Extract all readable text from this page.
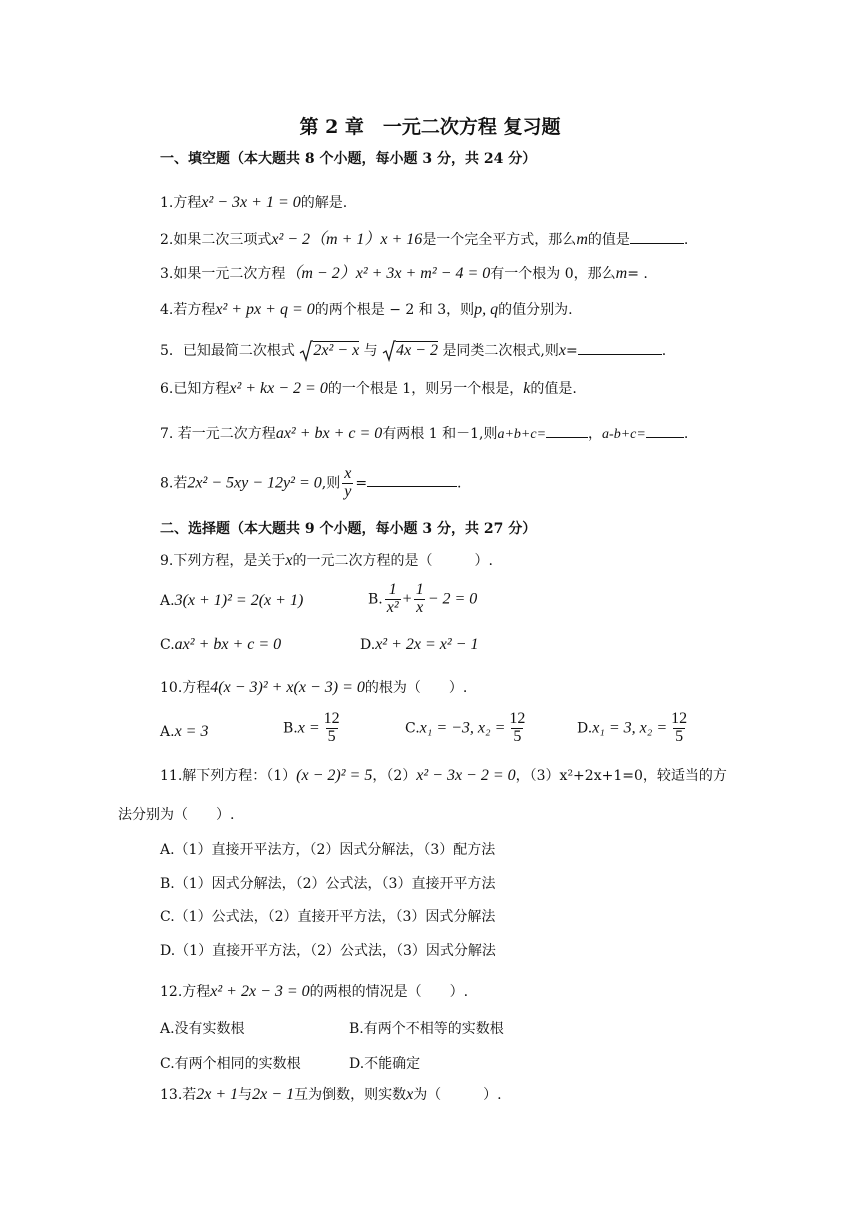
第 2 章　一元二次方程 复习题
一、填空题（本大题共 8 个小题，每小题 3 分，共 24 分）
1.方程x² − 3x + 1 = 0的解是.
2.如果二次三项式x² − 2（m + 1）x + 16是一个完全平方式，那么m的值是	.
3.如果一元二次方程（m − 2）x² + 3x + m² − 4 = 0有一个根为 0，那么m= .
4.若方程x² + px + q = 0的两个根是 − 2 和 3，则p, q的值分别为.
5．已知最简二次根式 2x² − x 与 4x − 2 是同类二次根式,则x=	.
6.已知方程x² + kx − 2 = 0的一个根是 1，则另一个根是，k的值是.
7. 若一元二次方程ax² + bx + c = 0有两根 1 和－1,则a+b+c=	，a-b+c=	.
8.若2x² − 5xy − 12y² = 0,则 $\frac{x}{y}$ =	.
二、选择题（本大题共 9 个小题，每小题 3 分，共 27 分）
9.下列方程，是关于x的一元二次方程的是（　　　）.
A.3(x + 1)² = 2(x + 1)	B. $\frac{1}{\text{x²}} + \frac{1}{x} - 2 = 0$
C.ax² + bx + c = 0	D.x² + 2x = x² − 1
10.方程4(x − 3)² + x(x − 3) = 0的根为（　　）.
A.x = 3	$B.x = \frac{12}{5}$	C.x₁ = −3, $x_2 = \frac{12}{5}$	D.x₁ = 3, $x_2 = \frac{12}{5}$
11.解下列方程：（1）(x − 2)² = 5，（2）x² − 3x − 2 = 0，（3）x²+2x+1=0，较适当的方
法分别为（　　）.
A.（1）直接开平法方，（2）因式分解法，（3）配方法
B.（1）因式分解法，（2）公式法，（3）直接开平方法
C.（1）公式法，（2）直接开平方法，（3）因式分解法
D.（1）直接开平方法，（2）公式法，（3）因式分解法
12.方程x² + 2x − 3 = 0的两根的情况是（　　）.
A.没有实数根	B.有两个不相等的实数根
C.有两个相同的实数根	D.不能确定
13.若2x + 1与2x − 1互为倒数，则实数x为（　　　）.
